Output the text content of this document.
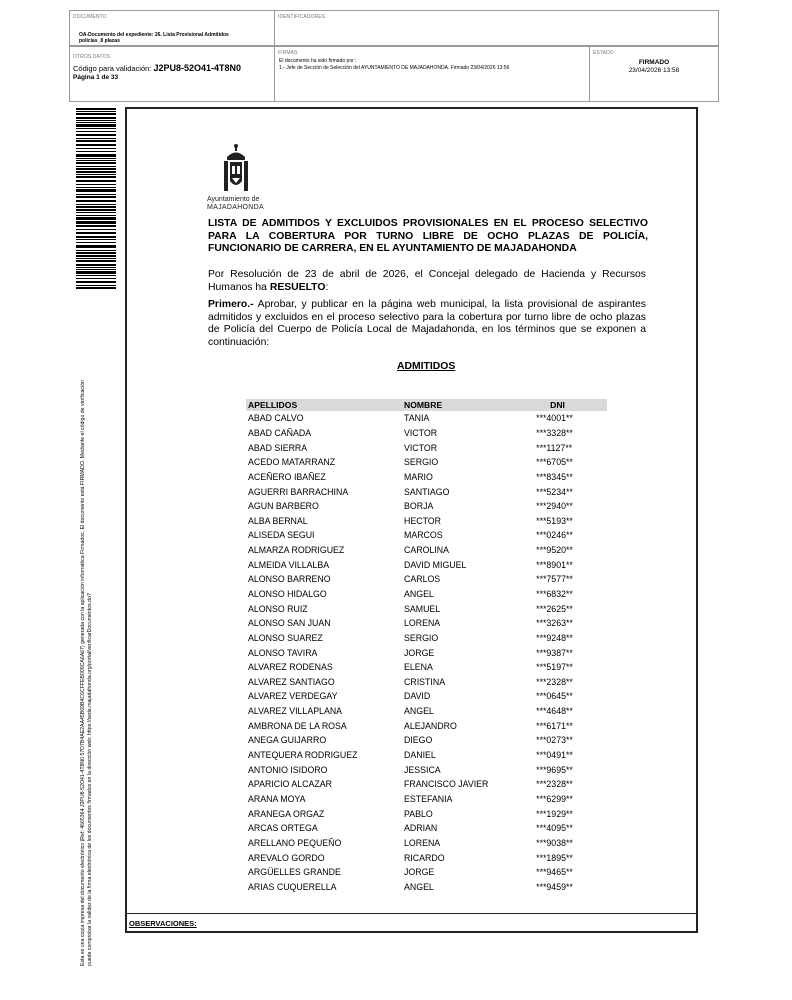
DOCUMENTO
OA-Documento del expediente: 26. Lista Provisional Admitidos policías_8 plazas
IDENTIFICADORES
OTROS DATOS
Código para validación: J2PU8-52O41-4T8N0
Página 1 de 33
FIRMAS
El documento ha sido firmado por :
1.- Jefe de Sección de Selección del AYUNTAMIENTO DE MAJADAHONDA. Firmado 23/04/2026 13:56
ESTADO
FIRMADO
23/04/2026 13:58
Esta es una copia impresa del documento electrónico (Ref: 4665364 J2PU8-52O41-4T8N0 57D7B4AE2AA45B69B4C6CFFEB009CA6A67) generada con la aplicación informática Firmadoc. El documento está FIRMADO. Mediante el código de verificación puede comprobar la validez de la firma electrónica de los documentos firmados en la dirección web: https://sede.majadahonda.org/portal/verificarDocumentos.do?
Ayuntamiento de
MAJADAHONDA
LISTA DE ADMITIDOS Y EXCLUIDOS PROVISIONALES EN EL PROCESO SELECTIVO PARA LA COBERTURA POR TURNO LIBRE DE OCHO PLAZAS DE POLICÍA, FUNCIONARIO DE CARRERA, EN EL AYUNTAMIENTO DE MAJADAHONDA
Por Resolución de 23 de abril de 2026, el Concejal delegado de Hacienda y Recursos Humanos ha RESUELTO:
Primero.- Aprobar, y publicar en la página web municipal, la lista provisional de aspirantes admitidos y excluidos en el proceso selectivo para la cobertura por turno libre de ocho plazas de Policía del Cuerpo de Policía Local de Majadahonda, en los términos que se exponen a continuación:
ADMITIDOS
APELLIDOS	NOMBRE	DNI
ABAD CALVO	TANIA	***4001**
ABAD CAÑADA	VICTOR	***3328**
ABAD SIERRA	VICTOR	***1127**
ACEDO MATARRANZ	SERGIO	***6705**
ACEÑERO IBAÑEZ	MARIO	***8345**
AGUERRI BARRACHINA	SANTIAGO	***5234**
AGUN BARBERO	BORJA	***2940**
ALBA BERNAL	HECTOR	***5193**
ALISEDA SEGUI	MARCOS	***0246**
ALMARZA RODRIGUEZ	CAROLINA	***9520**
ALMEIDA VILLALBA	DAVID MIGUEL	***8901**
ALONSO BARRENO	CARLOS	***7577**
ALONSO HIDALGO	ANGEL	***6832**
ALONSO RUIZ	SAMUEL	***2625**
ALONSO SAN JUAN	LORENA	***3263**
ALONSO SUAREZ	SERGIO	***9248**
ALONSO TAVIRA	JORGE	***9387**
ALVAREZ RODENAS	ELENA	***5197**
ALVAREZ SANTIAGO	CRISTINA	***2328**
ALVAREZ VERDEGAY	DAVID	***0645**
ALVAREZ VILLAPLANA	ANGEL	***4648**
AMBRONA DE LA ROSA	ALEJANDRO	***6171**
ANEGA GUIJARRO	DIEGO	***0273**
ANTEQUERA RODRIGUEZ	DANIEL	***0491**
ANTONIO ISIDORO	JESSICA	***9695**
APARICIO ALCAZAR	FRANCISCO JAVIER	***2328**
ARANA MOYA	ESTEFANIA	***6299**
ARANEGA ORGAZ	PABLO	***1929**
ARCAS ORTEGA	ADRIAN	***4095**
ARELLANO PEQUEÑO	LORENA	***9038**
AREVALO GORDO	RICARDO	***1895**
ARGÜELLES GRANDE	JORGE	***9465**
ARIAS CUQUERELLA	ANGEL	***9459**
OBSERVACIONES:
